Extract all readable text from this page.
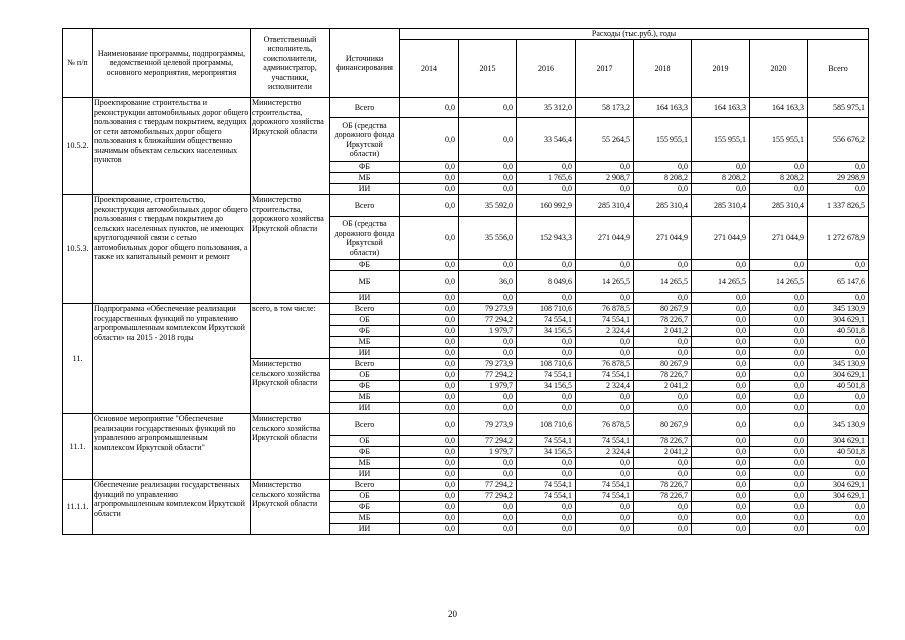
№ п/п	Наименование программы, подпрограммы, ведомственной целевой программы, основного мероприятия, мероприятия	Ответственный исполнитель, соисполнители, администратор, участники, исполнители	Источники финансирования	Расходы (тыс.руб.), годы							
				2014	2015	2016	2017	2018	2019	2020	Всего
10.5.2.	Проектирование строительства и реконструкции автомобильных дорог общего пользования с твердым покрытием, ведущих от сети автомобильных дорог общего пользования к ближайшим общественно значимым объектам сельских населенных пунктов	Министерство строительства, дорожного хозяйства Иркутской области	Всего	0,0	0,0	35 312,0	58 173,2	164 163,3	164 163,3	164 163,3	585 975,1
			ОБ (средства дорожного фонда Иркутской области)	0,0	0,0	33 546,4	55 264,5	155 955,1	155 955,1	155 955,1	556 676,2
			ФБ	0,0	0,0	0,0	0,0	0,0	0,0	0,0	0,0
			МБ	0,0	0,0	1 765,6	2 908,7	8 208,2	8 208,2	8 208,2	29 298,9
			ИИ	0,0	0,0	0,0	0,0	0,0	0,0	0,0	0,0
10.5.3.	Проектирование, строительство, реконструкция автомобильных дорог общего пользования с твердым покрытием до сельских населенных пунктов, не имеющих круглогодичной связи с сетью автомобильных дорог общего пользования, а также их капитальный ремонт и ремонт	Министерство строительства, дорожного хозяйства Иркутской области	Всего	0,0	35 592,0	160 992,9	285 310,4	285 310,4	285 310,4	285 310,4	1 337 826,5
			ОБ (средства дорожного фонда Иркутской области)	0,0	35 556,0	152 943,3	271 044,9	271 044,9	271 044,9	271 044,9	1 272 678,9
			ФБ	0,0	0,0	0,0	0,0	0,0	0,0	0,0	0,0
			МБ	0,0	36,0	8 049,6	14 265,5	14 265,5	14 265,5	14 265,5	65 147,6
			ИИ	0,0	0,0	0,0	0,0	0,0	0,0	0,0	0,0
11.	Подпрограмма «Обеспечение реализации государственных функций по управлению агропромышленным комплексом Иркутской области» на 2015 - 2018 годы	всего, в том числе:	Всего	0,0	79 273,9	108 710,6	76 878,5	80 267,9	0,0	0,0	345 130,9
			ОБ	0,0	77 294,2	74 554,1	74 554,1	78 226,7	0,0	0,0	304 629,1
			ФБ	0,0	1 979,7	34 156,5	2 324,4	2 041,2	0,0	0,0	40 501,8
			МБ	0,0	0,0	0,0	0,0	0,0	0,0	0,0	0,0
			ИИ	0,0	0,0	0,0	0,0	0,0	0,0	0,0	0,0
		Министерство сельского хозяйства Иркутской области	Всего	0,0	79 273,9	108 710,6	76 878,5	80 267,9	0,0	0,0	345 130,9
			ОБ	0,0	77 294,2	74 554,1	74 554,1	78 226,7	0,0	0,0	304 629,1
			ФБ	0,0	1 979,7	34 156,5	2 324,4	2 041,2	0,0	0,0	40 501,8
			МБ	0,0	0,0	0,0	0,0	0,0	0,0	0,0	0,0
			ИИ	0,0	0,0	0,0	0,0	0,0	0,0	0,0	0,0
11.1.	Основное мероприятие "Обеспечение реализации государственных функций по управлению агропромышленным комплексом Иркутской области"	Министерство сельского хозяйства Иркутской области	Всего	0,0	79 273,9	108 710,6	76 878,5	80 267,9	0,0	0,0	345 130,9
			ОБ	0,0	77 294,2	74 554,1	74 554,1	78 226,7	0,0	0,0	304 629,1
			ФБ	0,0	1 979,7	34 156,5	2 324,4	2 041,2	0,0	0,0	40 501,8
			МБ	0,0	0,0	0,0	0,0	0,0	0,0	0,0	0,0
			ИИ	0,0	0,0	0,0	0,0	0,0	0,0	0,0	0,0
11.1.1.	Обеспечение реализации государственных функций по управлению агропромышленным комплексом Иркутской области	Министерство сельского хозяйства Иркутской области	Всего	0,0	77 294,2	74 554,1	74 554,1	78 226,7	0,0	0,0	304 629,1
			ОБ	0,0	77 294,2	74 554,1	74 554,1	78 226,7	0,0	0,0	304 629,1
			ФБ	0,0	0,0	0,0	0,0	0,0	0,0	0,0	0,0
			МБ	0,0	0,0	0,0	0,0	0,0	0,0	0,0	0,0
			ИИ	0,0	0,0	0,0	0,0	0,0	0,0	0,0	0,0
20
